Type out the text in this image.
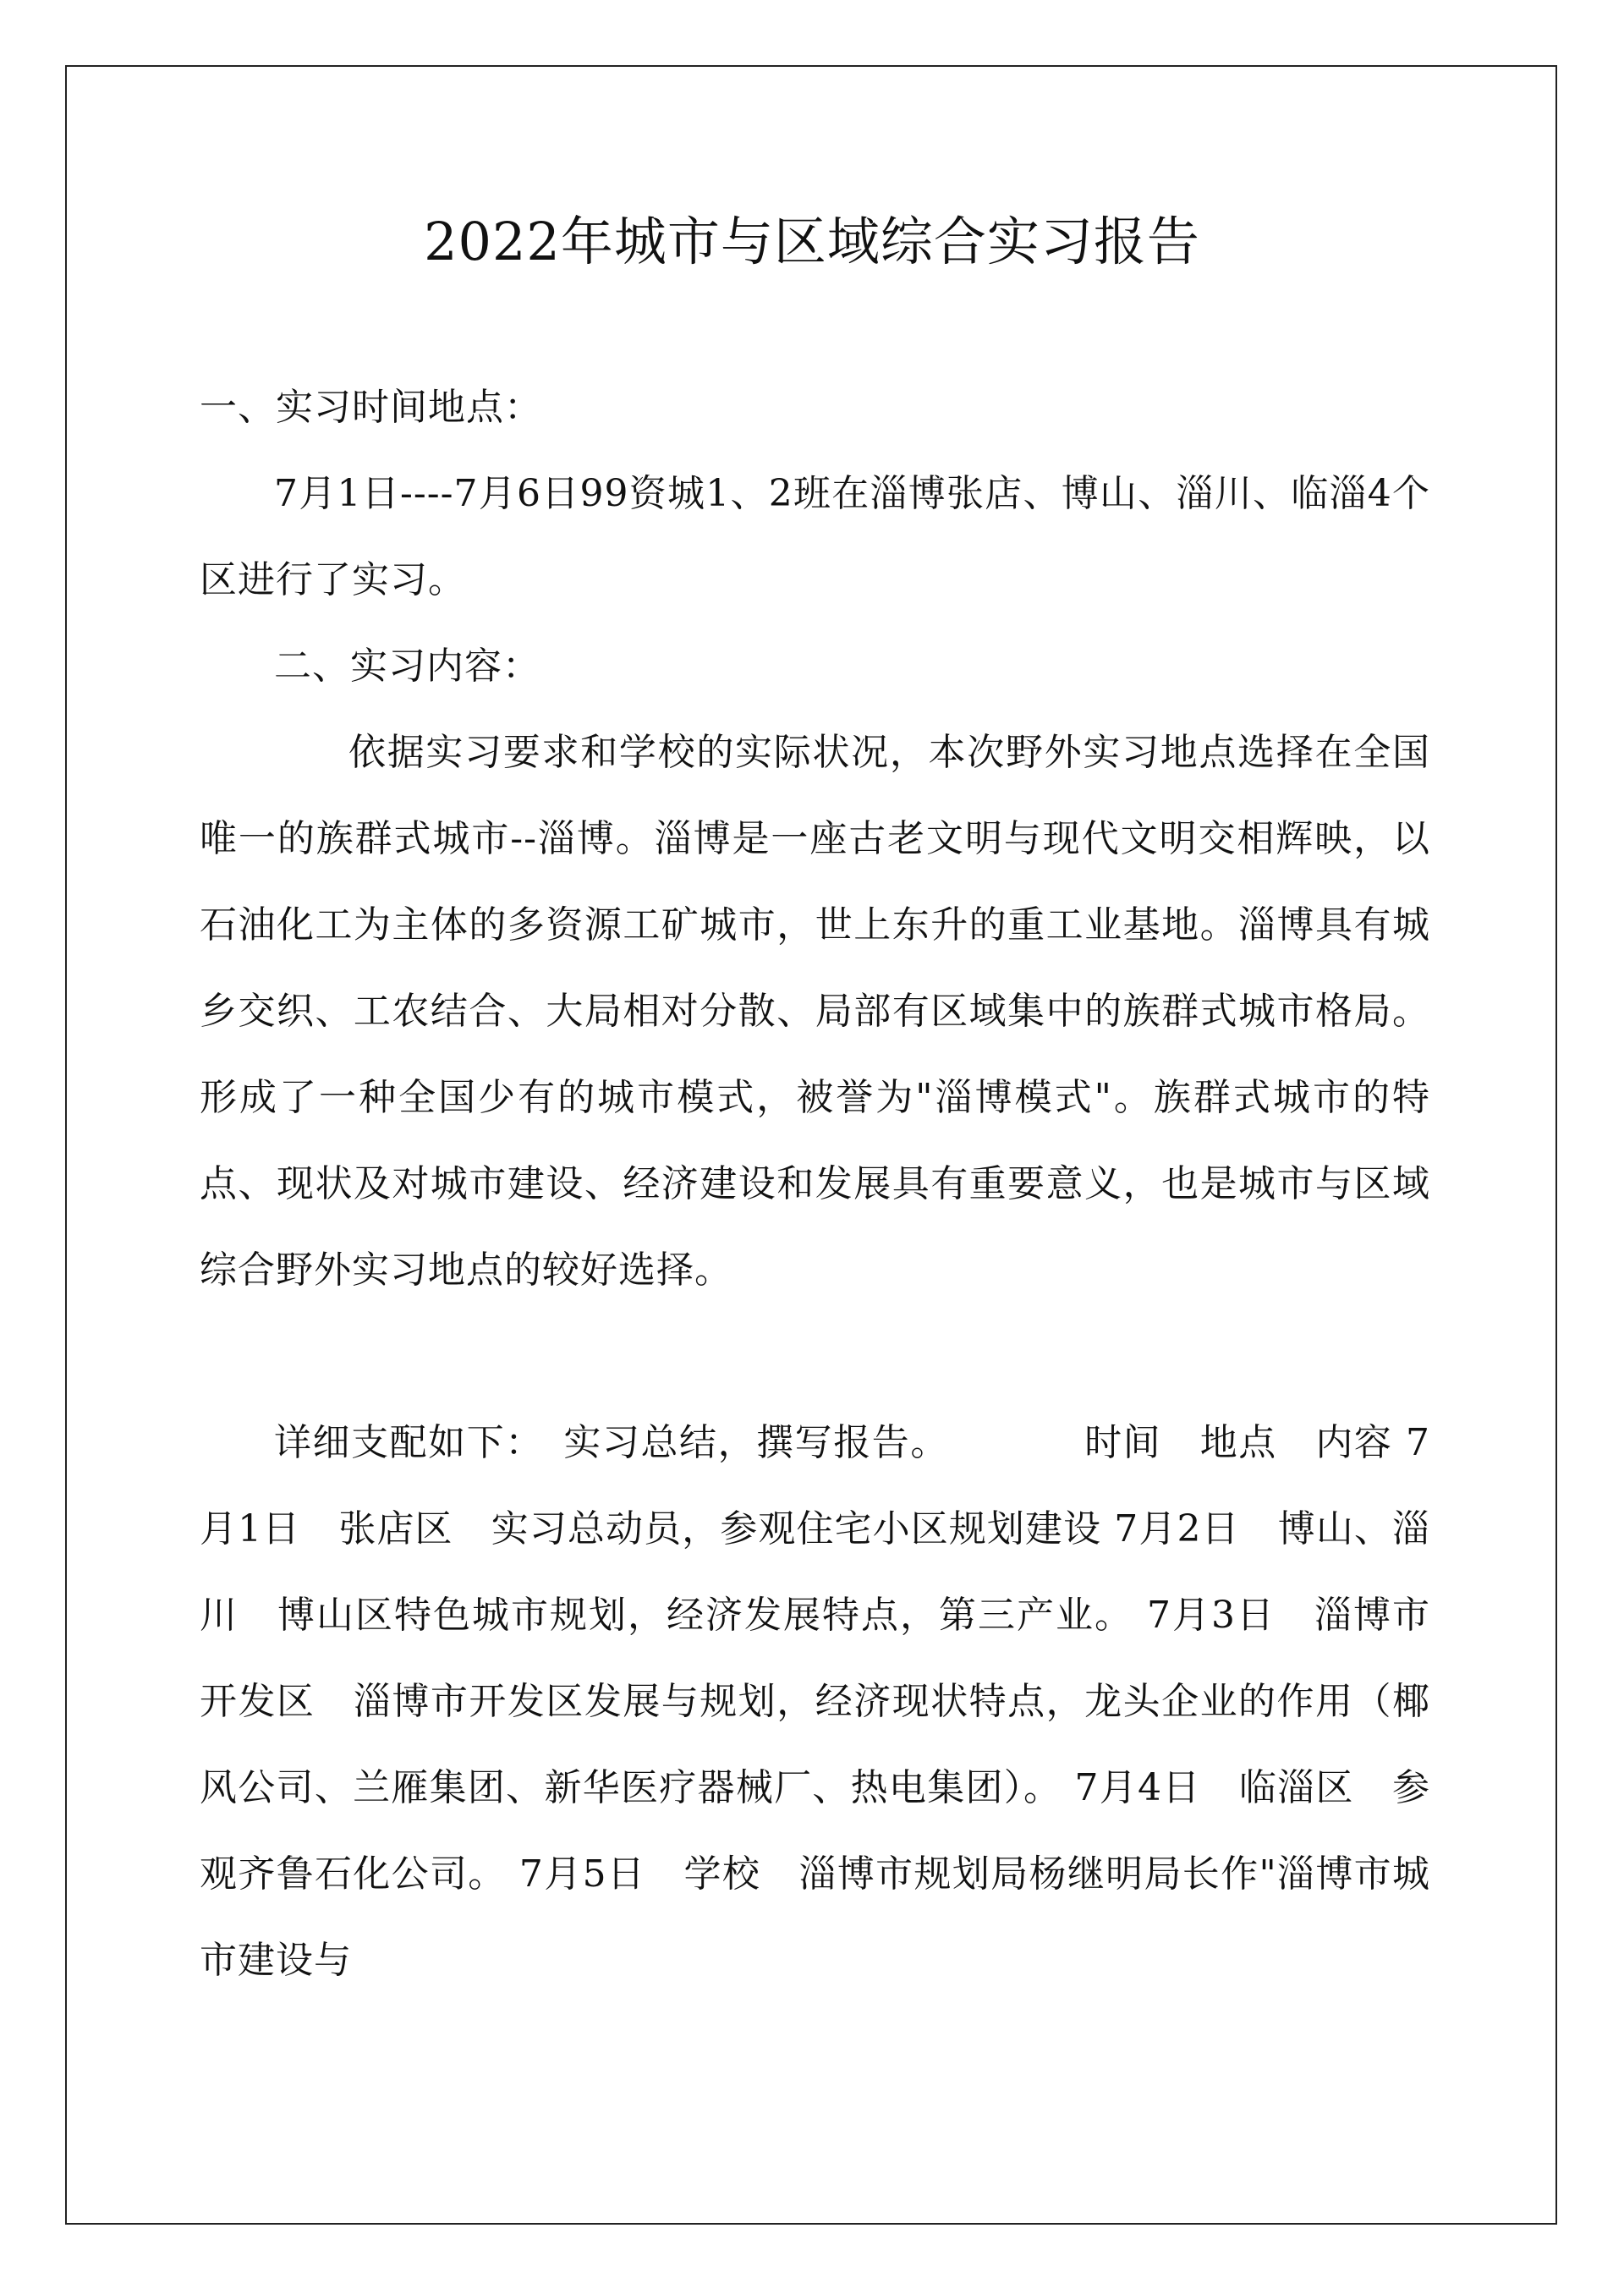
2022年城市与区域综合实习报告

一、实习时间地点：

7月1日----7月6日99资城1、2班在淄博张店、博山、淄川、临淄4个区进行了实习。

二、实习内容：

依据实习要求和学校的实际状况，本次野外实习地点选择在全国唯一的族群式城市--淄博。淄博是一座古老文明与现代文明交相辉映，以石油化工为主体的多资源工矿城市，世上东升的重工业基地。淄博具有城乡交织、工农结合、大局相对分散、局部有区域集中的族群式城市格局。形成了一种全国少有的城市模式，被誉为"淄博模式"。族群式城市的特点、现状及对城市建设、经济建设和发展具有重要意义，也是城市与区域综合野外实习地点的较好选择。

详细支配如下：　实习总结，撰写报告。　　　　时间　地点　内容 7月1日　张店区　实习总动员，参观住宅小区规划建设 7月2日　博山、淄川　博山区特色城市规划，经济发展特点，第三产业。 7月3日　淄博市开发区　淄博市开发区发展与规划，经济现状特点，龙头企业的作用（椰风公司、兰雁集团、新华医疗器械厂、热电集团）。 7月4日　临淄区　参观齐鲁石化公司。 7月5日　学校　淄博市规划局杨继明局长作"淄博市城市建设与
